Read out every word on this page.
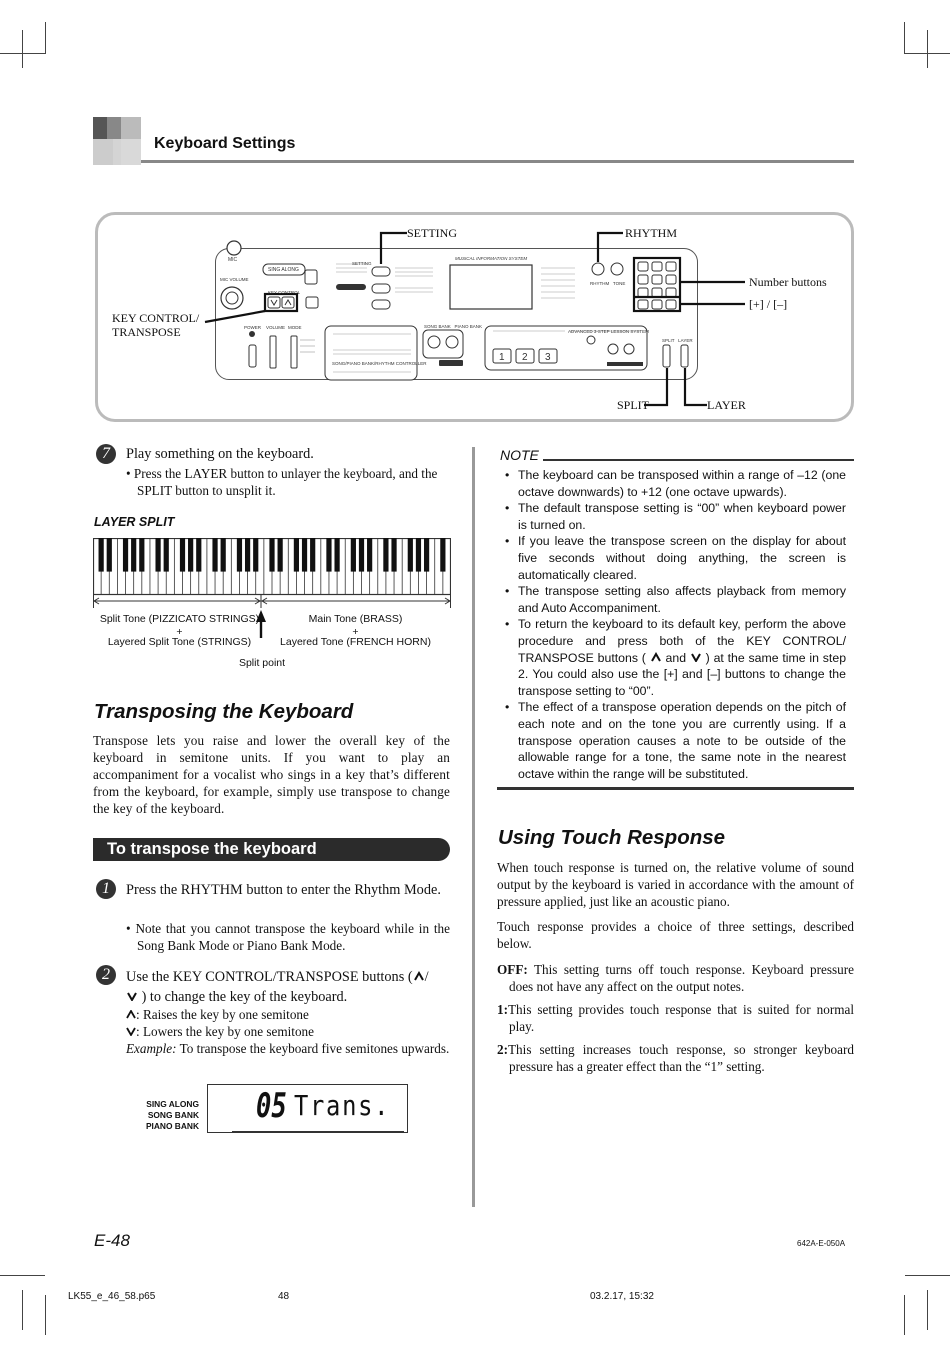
Keyboard Settings
1 2 3
MIC
MIC VOLUME
SING ALONG
KEY CONTROL
POWER VOLUME MODE
SETTING
MUSICAL INFORMATION SYSTEM
SONG BANK   PIANO BANK
ADVANCED 3-STEP LESSON SYSTEM
RHYTHM   TONE
SPLIT   LAYER
SONG/PIANO BANK/RHYTHM CONTROLLER
SETTING	RHYTHM
Number buttons
[+] / [–]
KEY CONTROL/
TRANSPOSE
SPLIT	LAYER
7	Play something on the keyboard.
• Press the LAYER button to unlayer the keyboard, and the SPLIT button to unsplit it.
LAYER SPLIT
Split Tone (PIZZICATO STRINGS)
+
Layered Split Tone (STRINGS)
Main Tone (BRASS)
+
Layered Tone (FRENCH HORN)
Split point
Transposing the Keyboard
Transpose lets you raise and lower the overall key of the keyboard in semitone units. If you want to play an accompaniment for a vocalist who sings in a key that’s different from the keyboard, for example, simply use transpose to change the key of the keyboard.
To transpose the keyboard
1	Press the RHYTHM button to enter the Rhythm Mode.
• Note that you cannot transpose the keyboard while in the Song Bank Mode or Piano Bank Mode.
2	Use the KEY CONTROL/TRANSPOSE buttons ( /
) to change the key of the keyboard.
: Raises the key by one semitone
: Lowers the key by one semitone
Example: To transpose the keyboard five semitones upwards.
SING ALONG
SONG BANK
PIANO BANK 05 Trans.
NOTE
• The keyboard can be transposed within a range of –12 (one octave downwards) to +12 (one octave upwards).
• The default transpose setting is “00” when keyboard power is turned on.
• If you leave the transpose screen on the display for about five seconds without doing anything, the screen is automatically cleared.
• The transpose setting also affects playback from memory and Auto Accompaniment.
• To return the keyboard to its default key, perform the above procedure and press both of the KEY CONTROL/ TRANSPOSE buttons ( and ) at the same time in step 2. You could also use the [+] and [–] buttons to change the transpose setting to “00”.
• The effect of a transpose operation depends on the pitch of each note and on the tone you are currently using. If a transpose operation causes a note to be outside of the allowable range for a tone, the same note in the nearest octave within the range will be substituted.
Using Touch Response
When touch response is turned on, the relative volume of sound output by the keyboard is varied in accordance with the amount of pressure applied, just like an acoustic piano.
Touch response provides a choice of three settings, described below.
OFF: This setting turns off touch response. Keyboard pressure does not have any affect on the output notes.
1:This setting provides touch response that is suited for normal play.
2:This setting increases touch response, so stronger keyboard pressure has a greater effect than the “1” setting.
E-48	642A-E-050A
LK55_e_46_58.p65	48	03.2.17, 15:32
